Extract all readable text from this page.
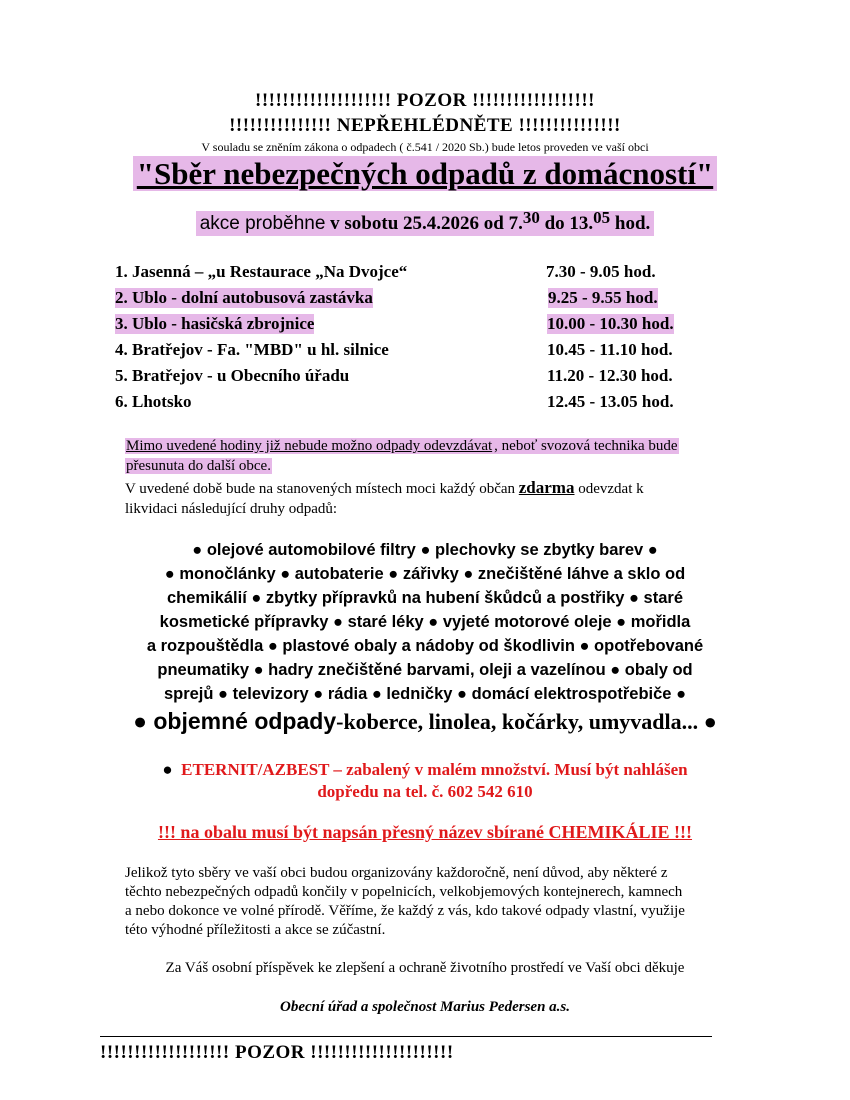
!!!!!!!!!!!!!!!!!!!! POZOR !!!!!!!!!!!!!!!!!!
!!!!!!!!!!!!!!! NEPŘEHLÉDNĚTE !!!!!!!!!!!!!!!
V souladu se zněním zákona o odpadech ( č.541 / 2020 Sb.) bude letos proveden ve vaší obci
"Sběr nebezpečných odpadů z domácností"
akce proběhne v sobotu 25.4.2026 od 7.30 do 13.05 hod.
1. Jasenná – „u Restaurace „Na Dvojce“	7.30 - 9.05 hod.
2. Ublo - dolní autobusová zastávka	9.25 - 9.55 hod.
3. Ublo - hasičská zbrojnice	10.00 - 10.30 hod.
4. Bratřejov - Fa. "MBD" u hl. silnice	10.45 - 11.10 hod.
5. Bratřejov - u Obecního úřadu	11.20 - 12.30 hod.
6. Lhotsko	12.45 - 13.05 hod.
Mimo uvedené hodiny již nebude možno odpady odevzdávat , neboť svozová technika bude
přesunuta do další obce.
V uvedené době bude na stanovených místech moci každý občan zdarma odevzdat k
likvidaci následující druhy odpadů:
● olejové automobilové filtry ● plechovky se zbytky barev ●
● monočlánky ● autobaterie ● zářivky ● znečištěné láhve a sklo od
chemikálií ● zbytky přípravků na hubení škůdců a postřiky ● staré
kosmetické přípravky ● staré léky ● vyjeté motorové oleje ● mořidla
a rozpouštědla ● plastové obaly a nádoby od škodlivin ● opotřebované
pneumatiky ● hadry znečištěné barvami, oleji a vazelínou ● obaly od
sprejů ● televizory ● rádia ● ledničky ● domácí elektrospotřebiče ●
● objemné odpady-koberce, linolea, kočárky, umyvadla... ●
● ETERNIT/AZBEST – zabalený v malém množství. Musí být nahlášen
dopředu na tel. č. 602 542 610
!!! na obalu musí být napsán přesný název sbírané CHEMIKÁLIE !!!
Jelikož tyto sběry ve vaší obci budou organizovány každoročně, není důvod, aby některé z
těchto nebezpečných odpadů končily v popelnicích, velkobjemových kontejnerech, kamnech
a nebo dokonce ve volné přírodě. Věříme, že každý z vás, kdo takové odpady vlastní, využije
této výhodné příležitosti a akce se zúčastní.
Za Váš osobní příspěvek ke zlepšení a ochraně životního prostředí ve Vaší obci děkuje
Obecní úřad a společnost Marius Pedersen a.s.
!!!!!!!!!!!!!!!!!!! POZOR !!!!!!!!!!!!!!!!!!!!!
